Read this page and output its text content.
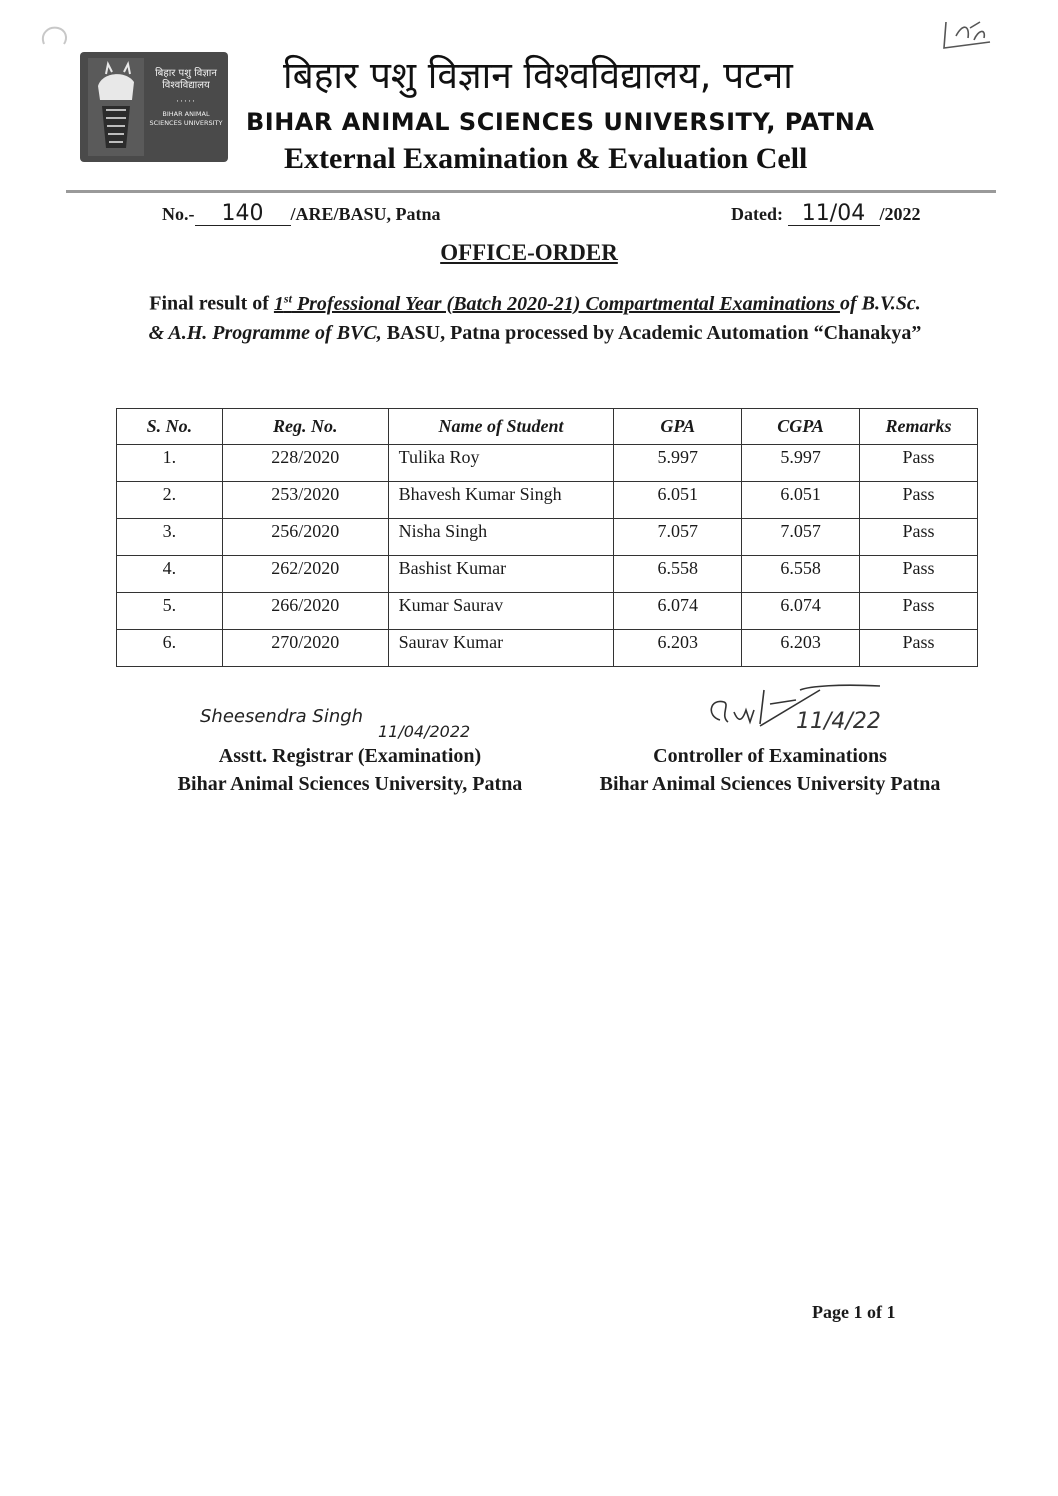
बिहार पशु विज्ञान विश्वविद्यालय
·····
BIHAR ANIMAL SCIENCES UNIVERSITY
बिहार पशु विज्ञान विश्वविद्यालय, पटना
BIHAR ANIMAL SCIENCES UNIVERSITY, PATNA
External Examination & Evaluation Cell
No.- 140 /ARE/BASU, Patna	Dated: 11/04 /2022
OFFICE-ORDER
Final result of 1st Professional Year (Batch 2020-21) Compartmental Examinations of B.V.Sc. & A.H. Programme of BVC, BASU, Patna processed by Academic Automation “Chanakya”
S. No.	Reg. No.	Name of Student	GPA	CGPA	Remarks
1.	228/2020	Tulika Roy	5.997	5.997	Pass
2.	253/2020	Bhavesh Kumar Singh	6.051	6.051	Pass
3.	256/2020	Nisha Singh	7.057	7.057	Pass
4.	262/2020	Bashist Kumar	6.558	6.558	Pass
5.	266/2020	Kumar Saurav	6.074	6.074	Pass
6.	270/2020	Saurav Kumar	6.203	6.203	Pass
Sheesendra Singh
11/04/2022
Asstt. Registrar (Examination)
Bihar Animal Sciences University, Patna
11/4/22
Controller of Examinations
Bihar Animal Sciences University Patna
Page 1 of 1
